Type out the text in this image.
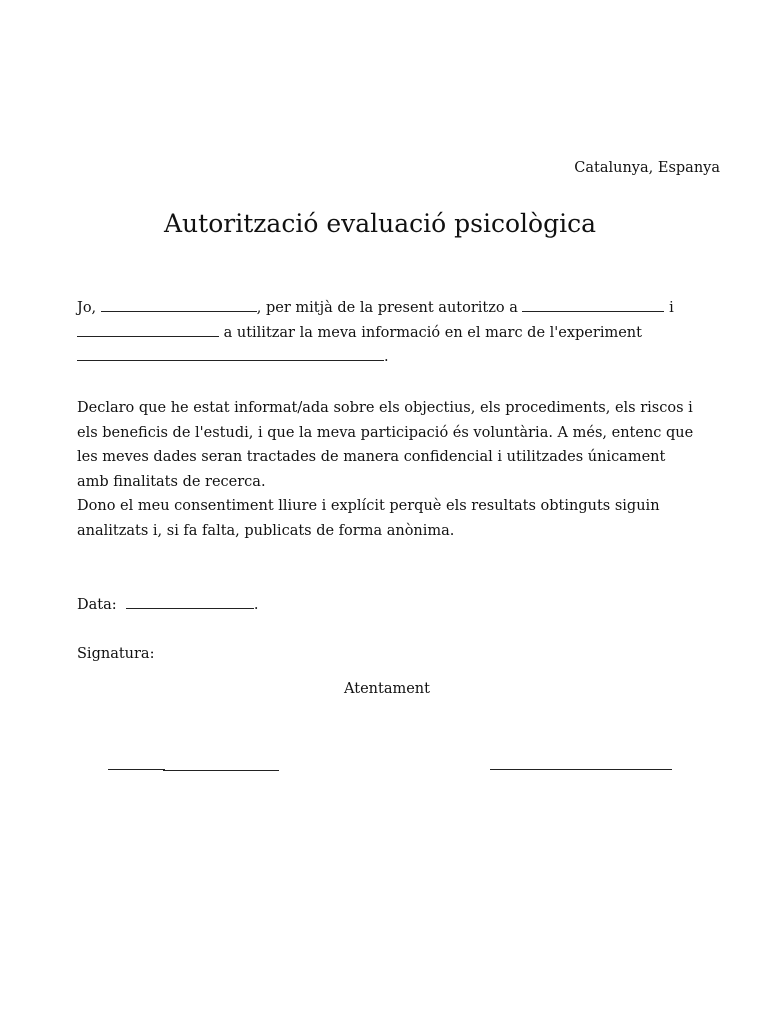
Catalunya, Espanya
Autorització evaluació psicològica
Jo,	, per mitjà de la present autoritzo a	i
a utilitzar la meva informació en el marc de l'experiment
.
Declaro que he estat informat/ada sobre els objectius, els procediments, els riscos i
els beneficis de l'estudi, i que la meva participació és voluntària. A més, entenc que
les meves dades seran tractades de manera confidencial i utilitzades únicament
amb finalitats de recerca.
Dono el meu consentiment lliure i explícit perquè els resultats obtinguts siguin
analitzats i, si fa falta, publicats de forma anònima.
Data:	.
Signatura:
Atentament
